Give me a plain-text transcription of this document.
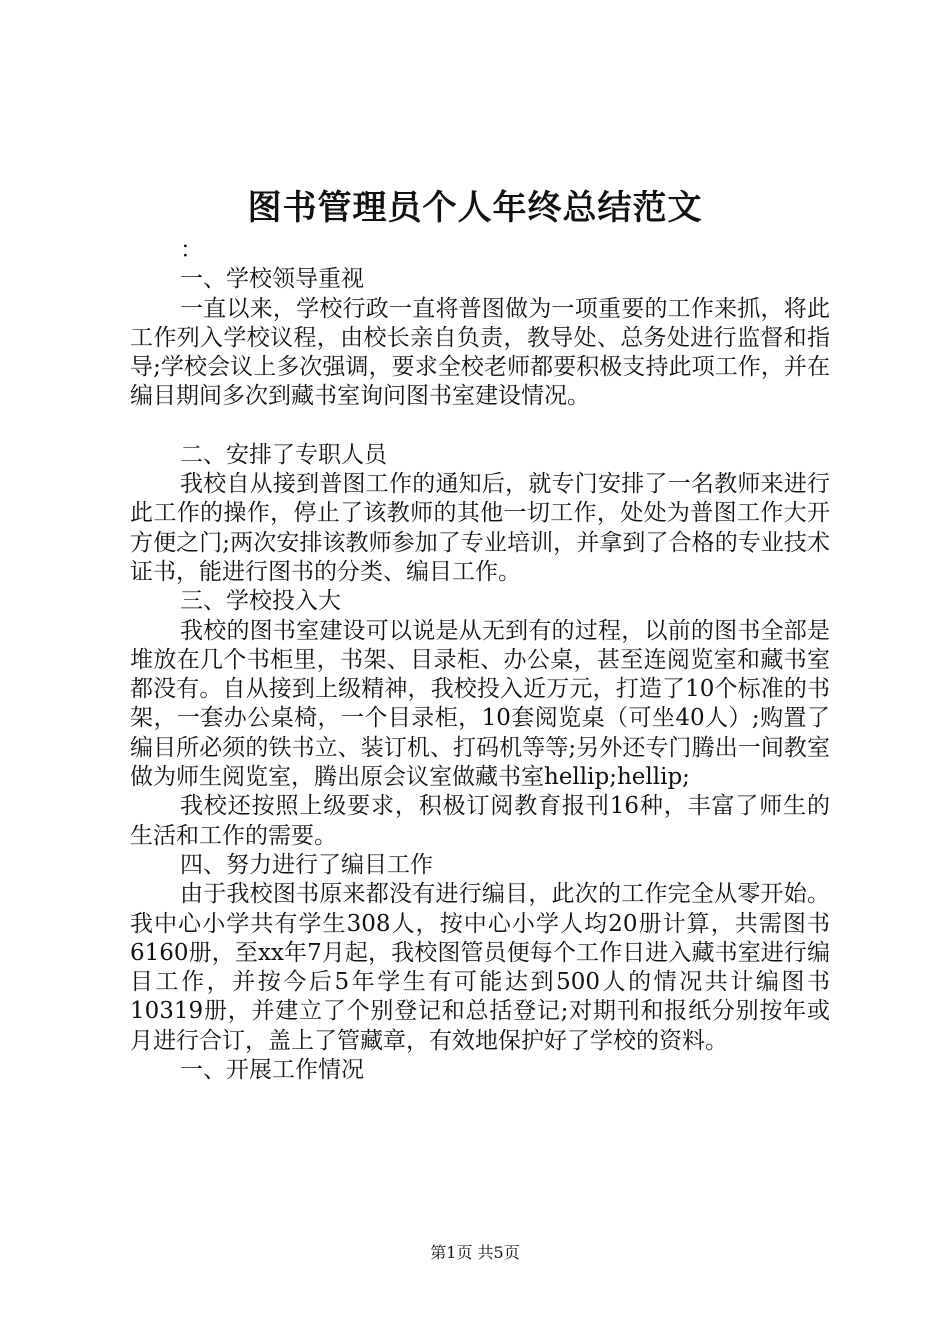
图书管理员个人年终总结范文

：

一、学校领导重视

一直以来，学校行政一直将普图做为一项重要的工作来抓，将此工作列入学校议程，由校长亲自负责，教导处、总务处进行监督和指导;学校会议上多次强调，要求全校老师都要积极支持此项工作，并在编目期间多次到藏书室询问图书室建设情况。

二、安排了专职人员

我校自从接到普图工作的通知后，就专门安排了一名教师来进行此工作的操作，停止了该教师的其他一切工作，处处为普图工作大开方便之门;两次安排该教师参加了专业培训，并拿到了合格的专业技术证书，能进行图书的分类、编目工作。

三、学校投入大

我校的图书室建设可以说是从无到有的过程，以前的图书全部是堆放在几个书柜里，书架、目录柜、办公桌，甚至连阅览室和藏书室都没有。自从接到上级精神，我校投入近万元，打造了10个标准的书架，一套办公桌椅，一个目录柜，10套阅览桌（可坐40人）;购置了编目所必须的铁书立、装订机、打码机等等;另外还专门腾出一间教室做为师生阅览室，腾出原会议室做藏书室hellip;hellip;

我校还按照上级要求，积极订阅教育报刊16种，丰富了师生的生活和工作的需要。

四、努力进行了编目工作

由于我校图书原来都没有进行编目，此次的工作完全从零开始。我中心小学共有学生308人，按中心小学人均20册计算，共需图书6160册，至xx年7月起，我校图管员便每个工作日进入藏书室进行编目工作，并按今后5年学生有可能达到500人的情况共计编图书10319册，并建立了个别登记和总括登记;对期刊和报纸分别按年或月进行合订，盖上了管藏章，有效地保护好了学校的资料。

一、开展工作情况

第1页 共5页
